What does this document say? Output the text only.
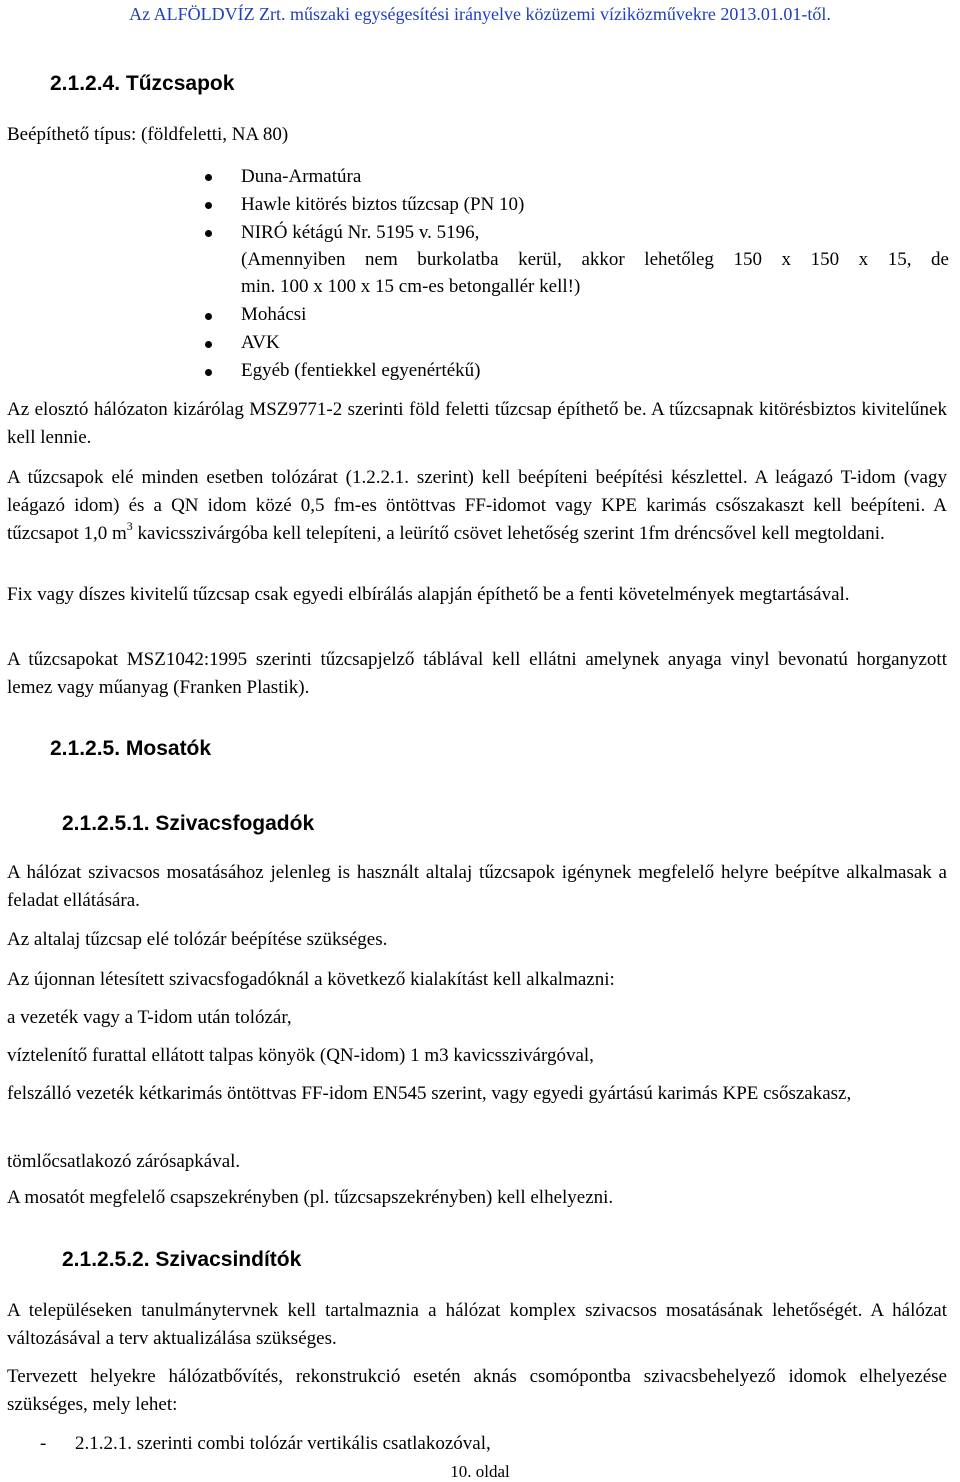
Az ALFÖLDVÍZ Zrt. műszaki egységesítési irányelve közüzemi víziközművekre 2013.01.01-től.
2.1.2.4. Tűzcsapok
Beépíthető típus: (földfeletti, NA 80)
Duna-Armatúra
Hawle kitörés biztos tűzcsap (PN 10)
NIRÓ kétágú Nr. 5195 v. 5196,
(Amennyiben nem burkolatba kerül, akkor lehetőleg 150 x 150 x 15, de
min. 100 x 100 x 15 cm-es betongallér kell!)
Mohácsi
AVK
Egyéb (fentiekkel egyenértékű)
Az elosztó hálózaton kizárólag MSZ9771-2 szerinti föld feletti tűzcsap építhető be. A tűzcsapnak kitörésbiztos kivitelűnek kell lennie.
A tűzcsapok elé minden esetben tolózárat (1.2.2.1. szerint) kell beépíteni beépítési készlettel. A leágazó T-idom (vagy leágazó idom) és a QN idom közé 0,5 fm-es öntöttvas FF-idomot vagy KPE karimás csőszakaszt kell beépíteni. A tűzcsapot 1,0 $m^3$ kavicsszivárgóba kell telepíteni, a leürítő csövet lehetőség szerint 1fm dréncsővel kell megtoldani.
Fix vagy díszes kivitelű tűzcsap csak egyedi elbírálás alapján építhető be a fenti követelmények megtartásával.
A tűzcsapokat MSZ1042:1995 szerinti tűzcsapjelző táblával kell ellátni amelynek anyaga vinyl bevonatú horganyzott lemez vagy műanyag (Franken Plastik).
2.1.2.5. Mosatók
2.1.2.5.1. Szivacsfogadók
A hálózat szivacsos mosatásához jelenleg is használt altalaj tűzcsapok igénynek megfelelő helyre beépítve alkalmasak a feladat ellátására.
Az altalaj tűzcsap elé tolózár beépítése szükséges.
Az újonnan létesített szivacsfogadóknál a következő kialakítást kell alkalmazni:
a vezeték vagy a T-idom után tolózár,
víztelenítő furattal ellátott talpas könyök (QN-idom) 1 m3 kavicsszivárgóval,
felszálló vezeték kétkarimás öntöttvas FF-idom EN545 szerint, vagy egyedi gyártású karimás KPE csőszakasz,
tömlőcsatlakozó zárósapkával.
A mosatót megfelelő csapszekrényben (pl. tűzcsapszekrényben) kell elhelyezni.
2.1.2.5.2. Szivacsindítók
A településeken tanulmánytervnek kell tartalmaznia a hálózat komplex szivacsos mosatásának lehetőségét. A hálózat változásával a terv aktualizálása szükséges.
Tervezett helyekre hálózatbővítés, rekonstrukció esetén aknás csomópontba szivacsbehelyező idomok elhelyezése szükséges, mely lehet:
- 2.1.2.1. szerinti combi tolózár vertikális csatlakozóval,
10. oldal
